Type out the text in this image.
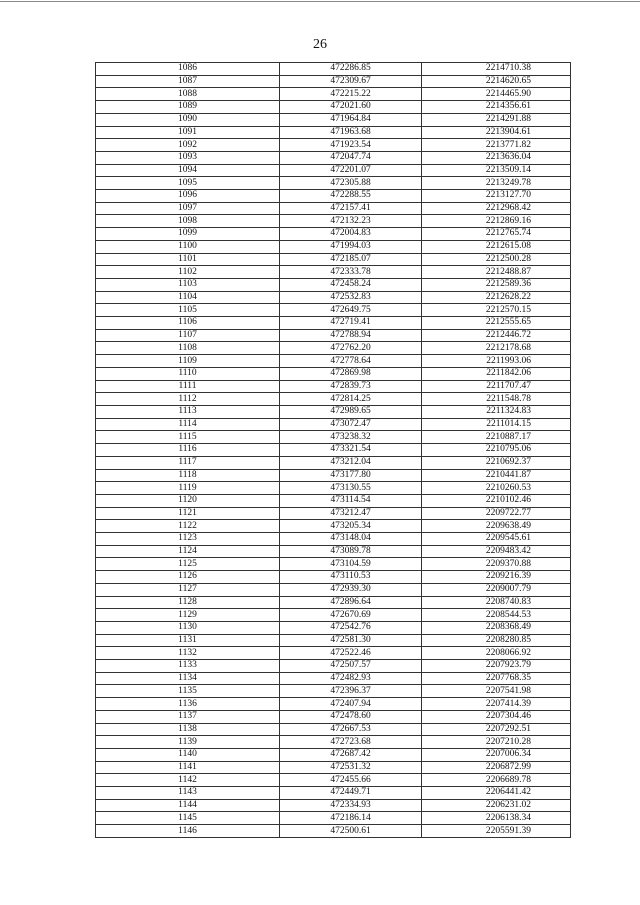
26
1086	472286.85	2214710.38
1087	472309.67	2214620.65
1088	472215.22	2214465.90
1089	472021.60	2214356.61
1090	471964.84	2214291.88
1091	471963.68	2213904.61
1092	471923.54	2213771.82
1093	472047.74	2213636.04
1094	472201.07	2213509.14
1095	472305.88	2213249.78
1096	472288.55	2213127.70
1097	472157.41	2212968.42
1098	472132.23	2212869.16
1099	472004.83	2212765.74
1100	471994.03	2212615.08
1101	472185.07	2212500.28
1102	472333.78	2212488.87
1103	472458.24	2212589.36
1104	472532.83	2212628.22
1105	472649.75	2212570.15
1106	472719.41	2212555.65
1107	472788.94	2212446.72
1108	472762.20	2212178.68
1109	472778.64	2211993.06
1110	472869.98	2211842.06
1111	472839.73	2211707.47
1112	472814.25	2211548.78
1113	472989.65	2211324.83
1114	473072.47	2211014.15
1115	473238.32	2210887.17
1116	473321.54	2210795.06
1117	473212.04	2210692.37
1118	473177.80	2210441.87
1119	473130.55	2210260.53
1120	473114.54	2210102.46
1121	473212.47	2209722.77
1122	473205.34	2209638.49
1123	473148.04	2209545.61
1124	473089.78	2209483.42
1125	473104.59	2209370.88
1126	473110.53	2209216.39
1127	472939.30	2209007.79
1128	472896.64	2208740.83
1129	472670.69	2208544.53
1130	472542.76	2208368.49
1131	472581.30	2208280.85
1132	472522.46	2208066.92
1133	472507.57	2207923.79
1134	472482.93	2207768.35
1135	472396.37	2207541.98
1136	472407.94	2207414.39
1137	472478.60	2207304.46
1138	472667.53	2207292.51
1139	472723.68	2207210.28
1140	472687.42	2207006.34
1141	472531.32	2206872.99
1142	472455.66	2206689.78
1143	472449.71	2206441.42
1144	472334.93	2206231.02
1145	472186.14	2206138.34
1146	472500.61	2205591.39
